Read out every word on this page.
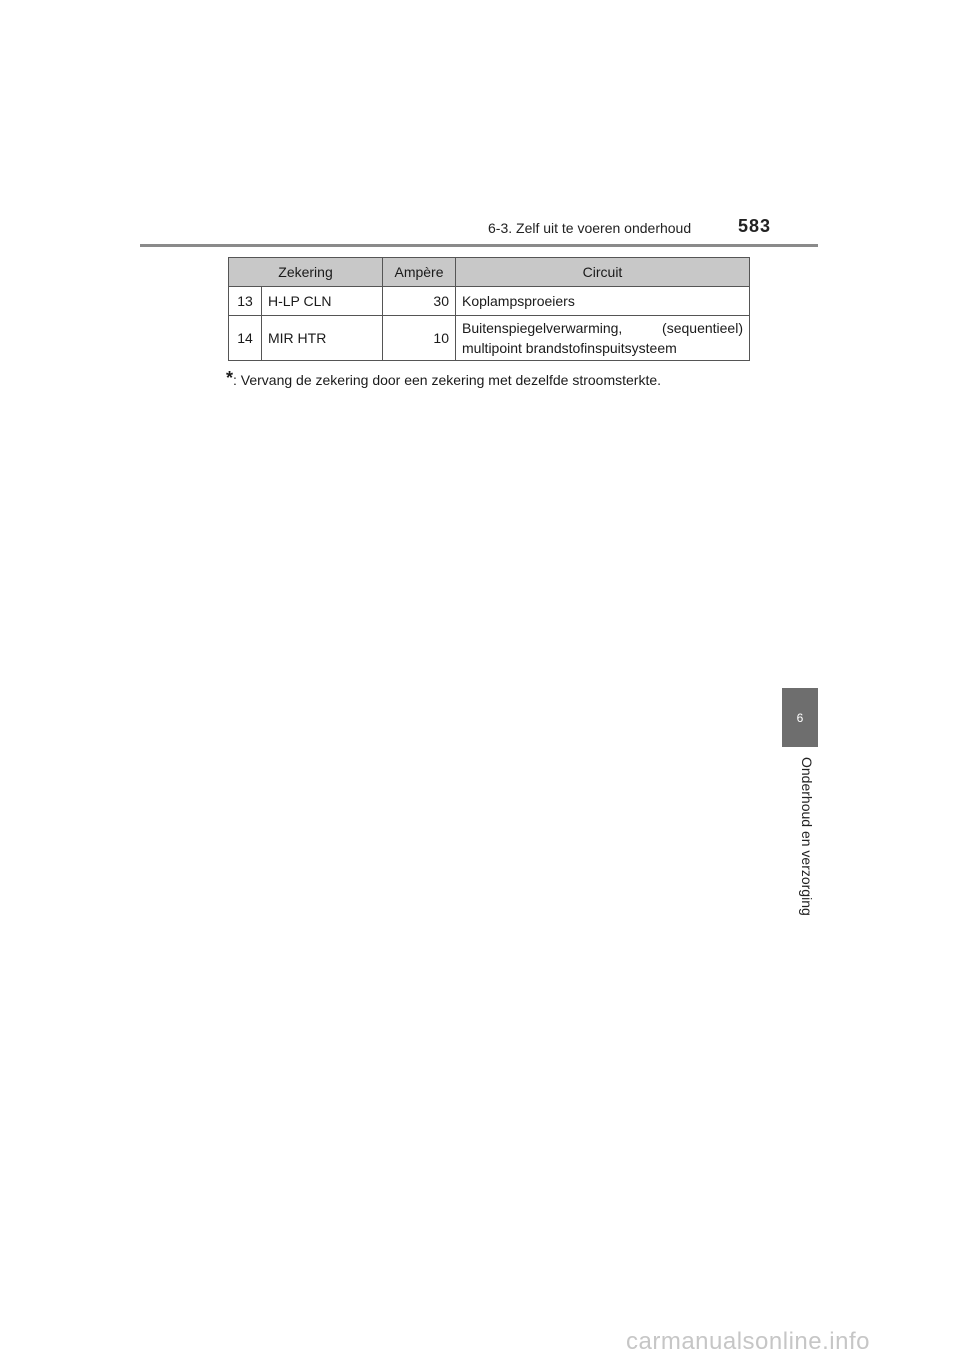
6-3. Zelf uit te voeren onderhoud	583
Zekering		Ampère	Circuit
13	H-LP CLN	30	Koplampsproeiers
14	MIR HTR	10	Buitenspiegelverwarming, (sequentieel) multipoint brandstofinspuitsysteem
*: Vervang de zekering door een zekering met dezelfde stroomsterkte.
6
Onderhoud en verzorging
carmanualsonline.info
